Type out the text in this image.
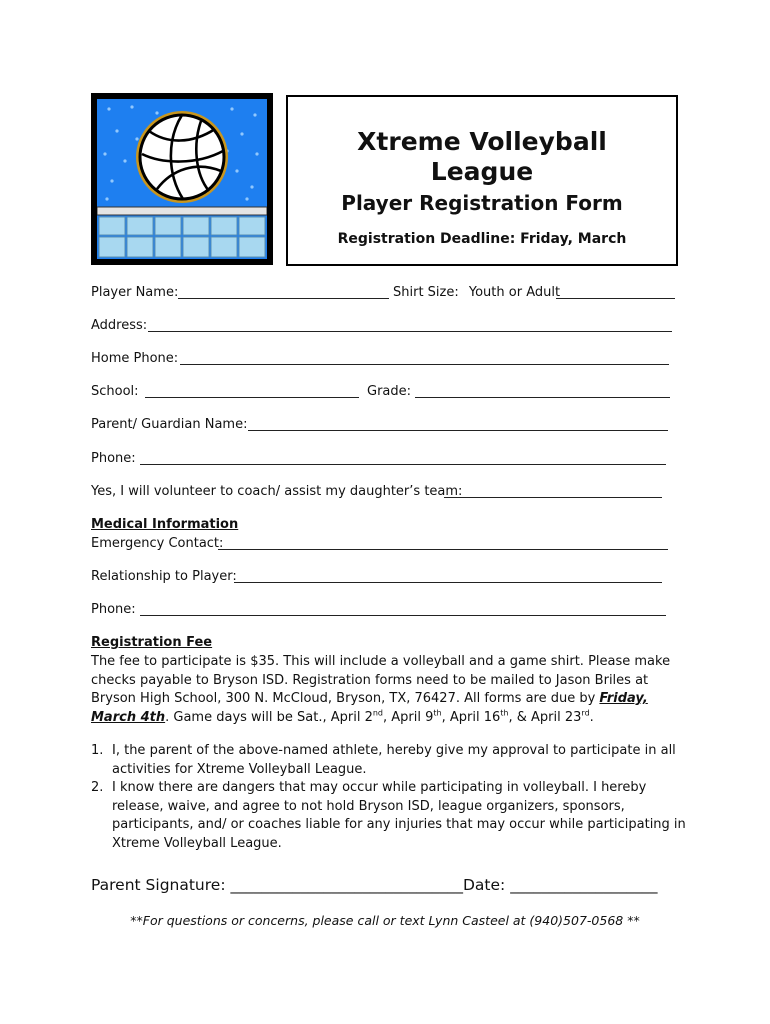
Xtreme Volleyball
League
Player Registration Form
Registration Deadline: Friday, March
Player Name:	Shirt Size: Youth or Adult
Address:
Home Phone:
School:	Grade:
Parent/ Guardian Name:
Phone:
Yes, I will volunteer to coach/ assist my daughter’s team:
Medical Information
Emergency Contact:
Relationship to Player:
Phone:
Registration Fee
The fee to participate is $35. This will include a volleyball and a game shirt. Please make checks payable to Bryson ISD. Registration forms need to be mailed to Jason Briles at Bryson High School, 300 N. McCloud, Bryson, TX, 76427. All forms are due by Friday, March 4th. Game days will be Sat., April 2nd, April 9th, April 16th, & April 23rd.
1. I, the parent of the above-named athlete, hereby give my approval to participate in all activities for Xtreme Volleyball League.
2. I know there are dangers that may occur while participating in volleyball. I hereby release, waive, and agree to not hold Bryson ISD, league organizers, sponsors, participants, and/ or coaches liable for any injuries that may occur while participating in Xtreme Volleyball League.
Parent Signature: ______________________________Date: ___________________
**For questions or concerns, please call or text Lynn Casteel at (940)507-0568 **
